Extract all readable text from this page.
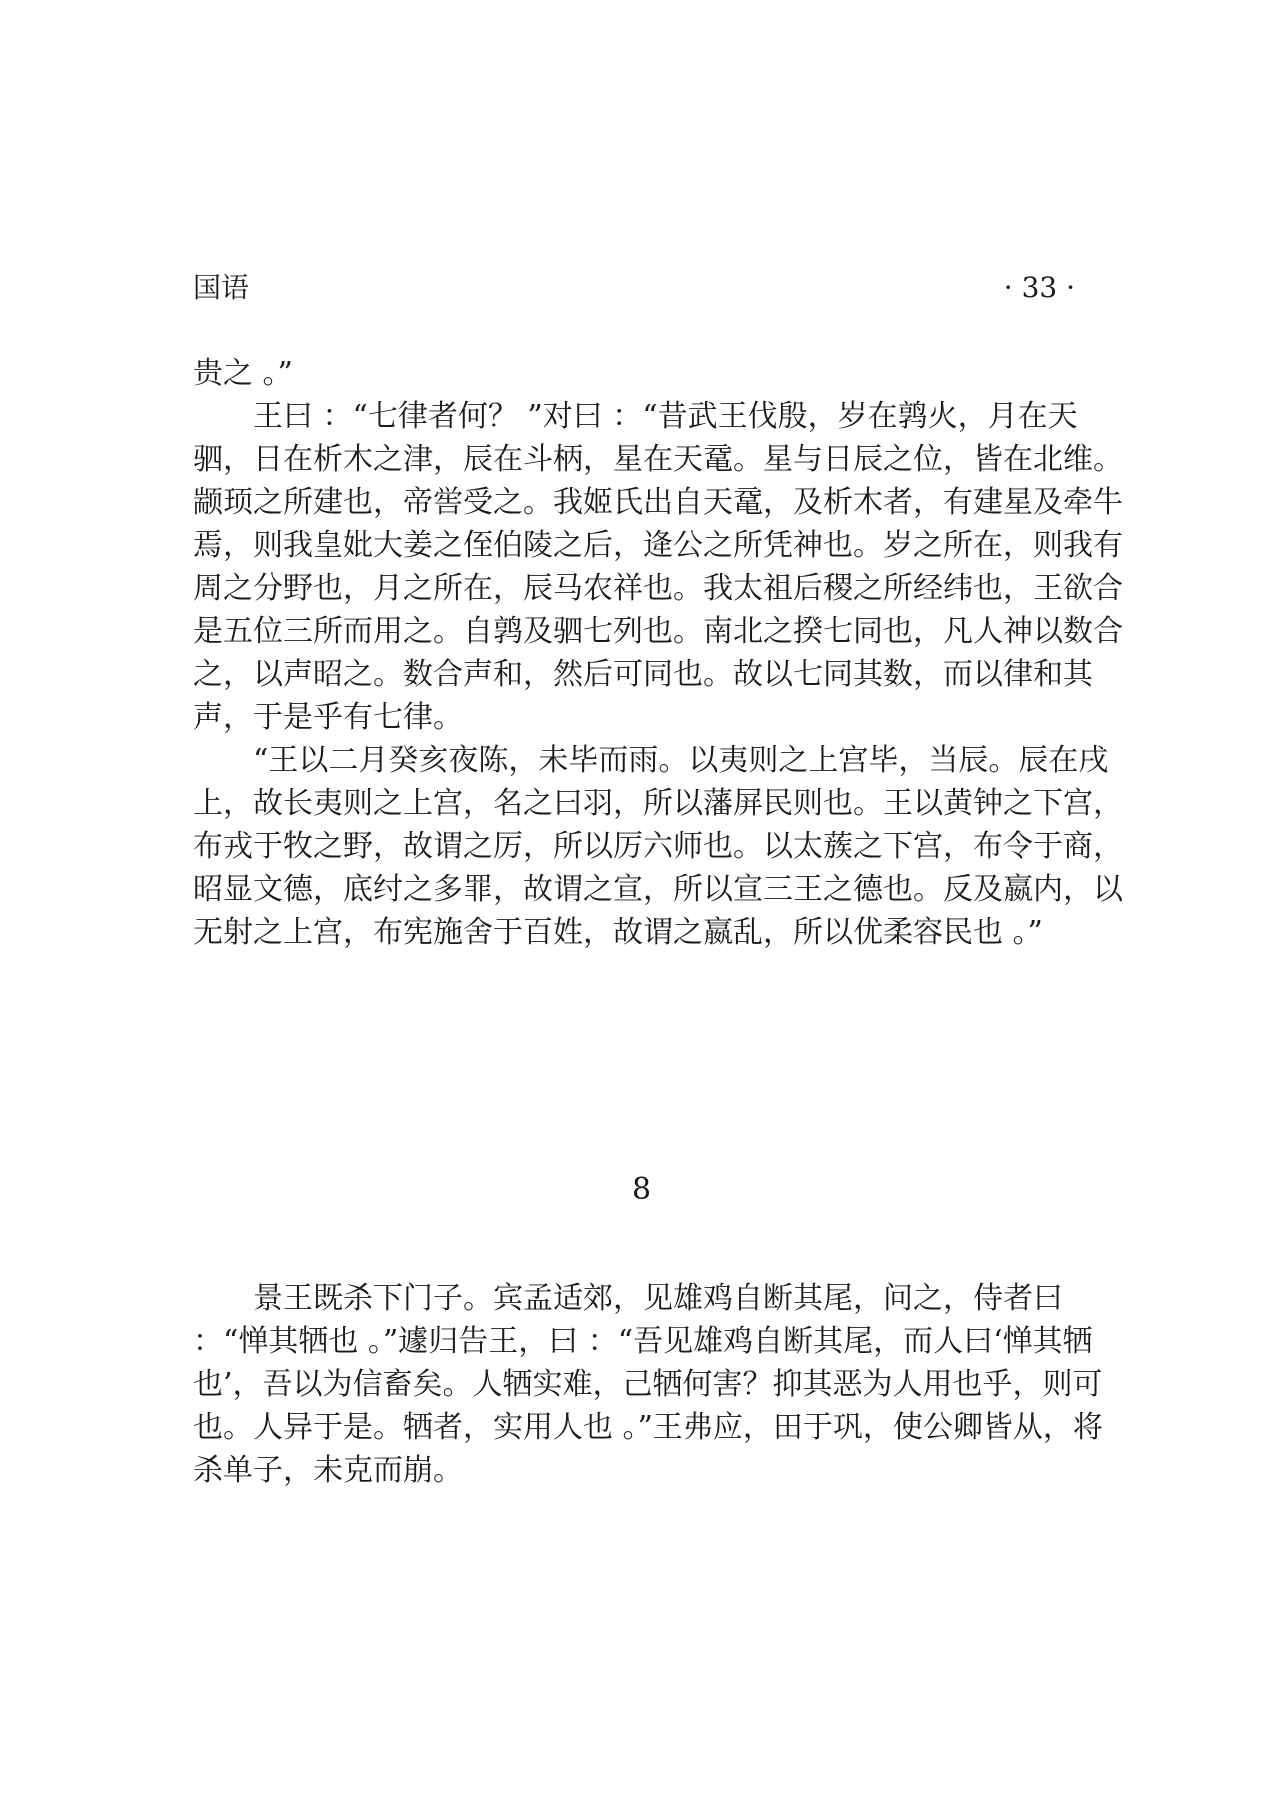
国语	· 33 ·

贵之 。”

王曰 ：“七律者何？ ”对曰 ：“昔武王伐殷，岁在鹑火，月在天驷，日在析木之津，辰在斗柄，星在天鼋。星与日辰之位，皆在北维。颛顼之所建也，帝喾受之。我姬氏出自天鼋，及析木者，有建星及牵牛焉，则我皇妣大姜之侄伯陵之后，逄公之所凭神也。岁之所在，则我有周之分野也，月之所在，辰马农祥也。我太祖后稷之所经纬也，王欲合是五位三所而用之。自鹑及驷七列也。南北之揆七同也，凡人神以数合之，以声昭之。数合声和，然后可同也。故以七同其数，而以律和其声，于是乎有七律。

“王以二月癸亥夜陈，未毕而雨。以夷则之上宫毕，当辰。辰在戌上，故长夷则之上宫，名之曰羽，所以藩屏民则也。王以黄钟之下宫，布戎于牧之野，故谓之厉，所以厉六师也。以太蔟之下宫，布令于商，昭显文德，底纣之多罪，故谓之宣，所以宣三王之德也。反及嬴内，以无射之上宫，布宪施舍于百姓，故谓之嬴乱，所以优柔容民也 。”

8

景王既杀下门子。宾孟适郊，见雄鸡自断其尾，问之，侍者曰 ：“惮其牺也 。”遽归告王，曰 ：“吾见雄鸡自断其尾，而人曰‘惮其牺也’，吾以为信畜矣。人牺实难，己牺何害？抑其恶为人用也乎，则可也。人异于是。牺者，实用人也 。”王弗应，田于巩，使公卿皆从，将杀单子，未克而崩。
